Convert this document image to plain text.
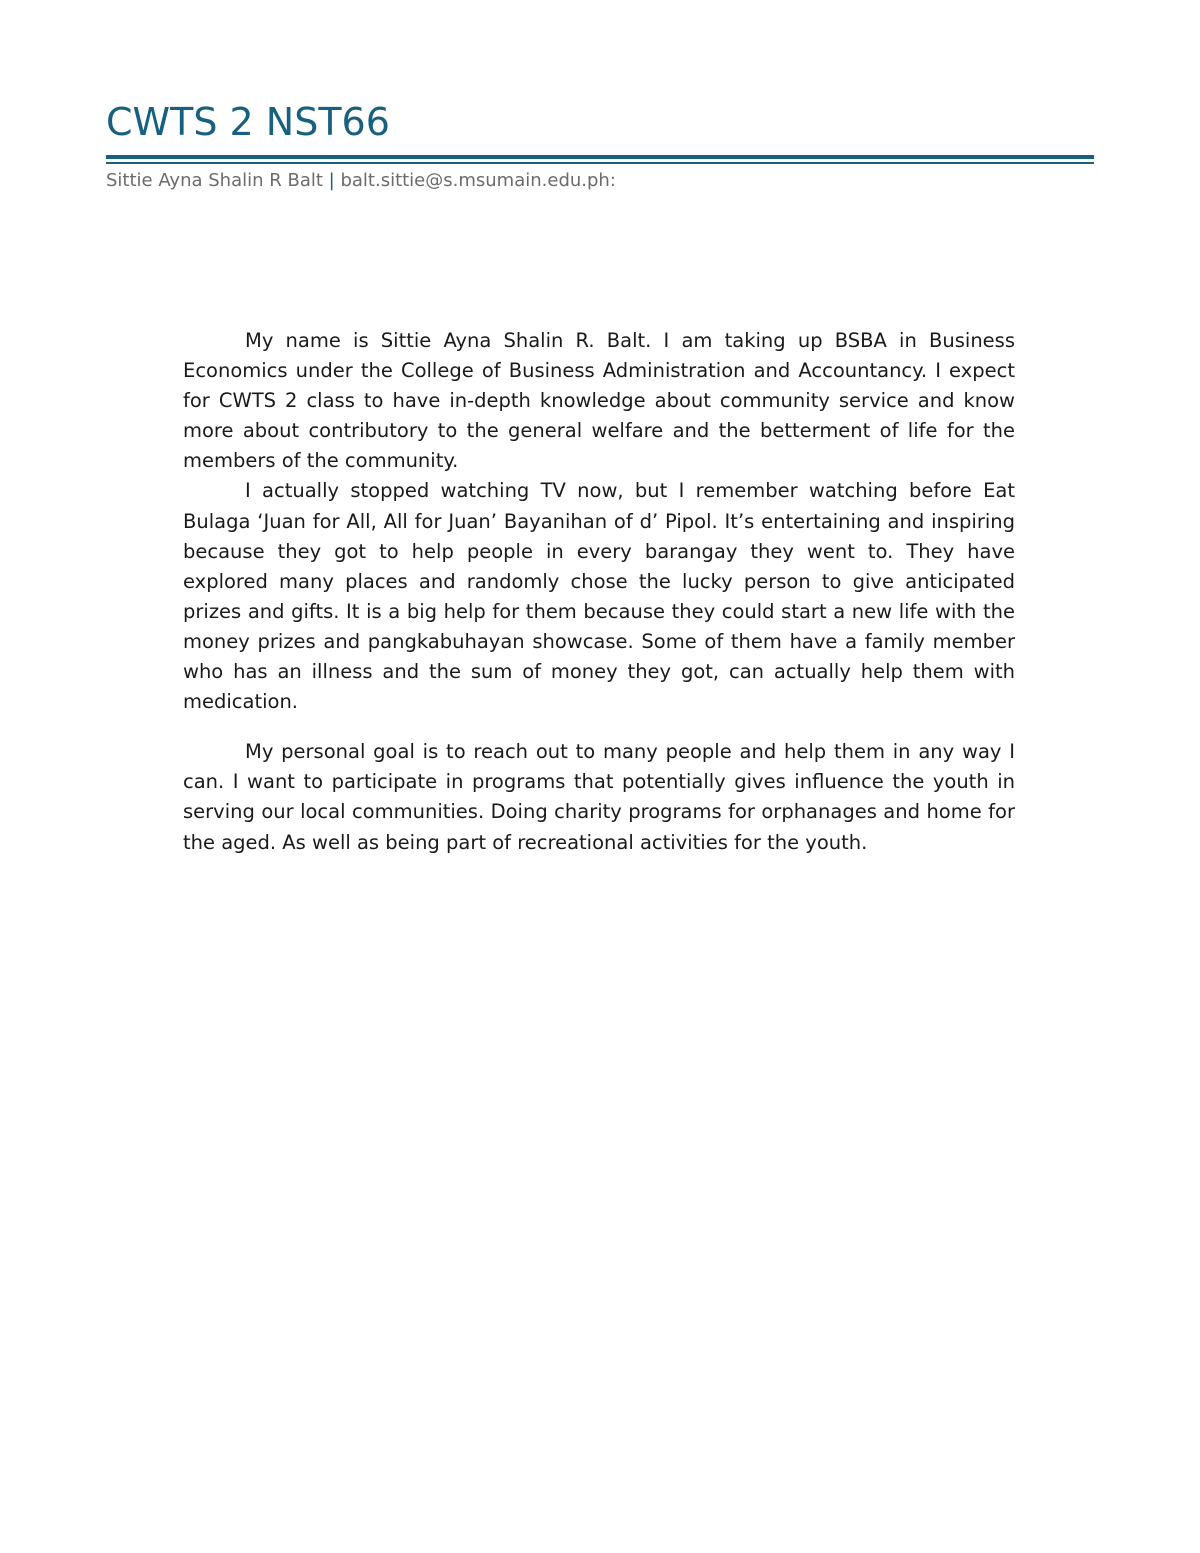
CWTS 2 NST66
Sittie Ayna Shalin R Balt | balt.sittie@s.msumain.edu.ph:

My name is Sittie Ayna Shalin R. Balt. I am taking up BSBA in Business Economics under the College of Business Administration and Accountancy. I expect for CWTS 2 class to have in-depth knowledge about community service and know more about contributory to the general welfare and the betterment of life for the members of the community.

I actually stopped watching TV now, but I remember watching before Eat Bulaga ‘Juan for All, All for Juan’ Bayanihan of d’ Pipol. It’s entertaining and inspiring because they got to help people in every barangay they went to. They have explored many places and randomly chose the lucky person to give anticipated prizes and gifts. It is a big help for them because they could start a new life with the money prizes and pangkabuhayan showcase. Some of them have a family member who has an illness and the sum of money they got, can actually help them with medication.

My personal goal is to reach out to many people and help them in any way I can. I want to participate in programs that potentially gives influence the youth in serving our local communities. Doing charity programs for orphanages and home for the aged. As well as being part of recreational activities for the youth.
